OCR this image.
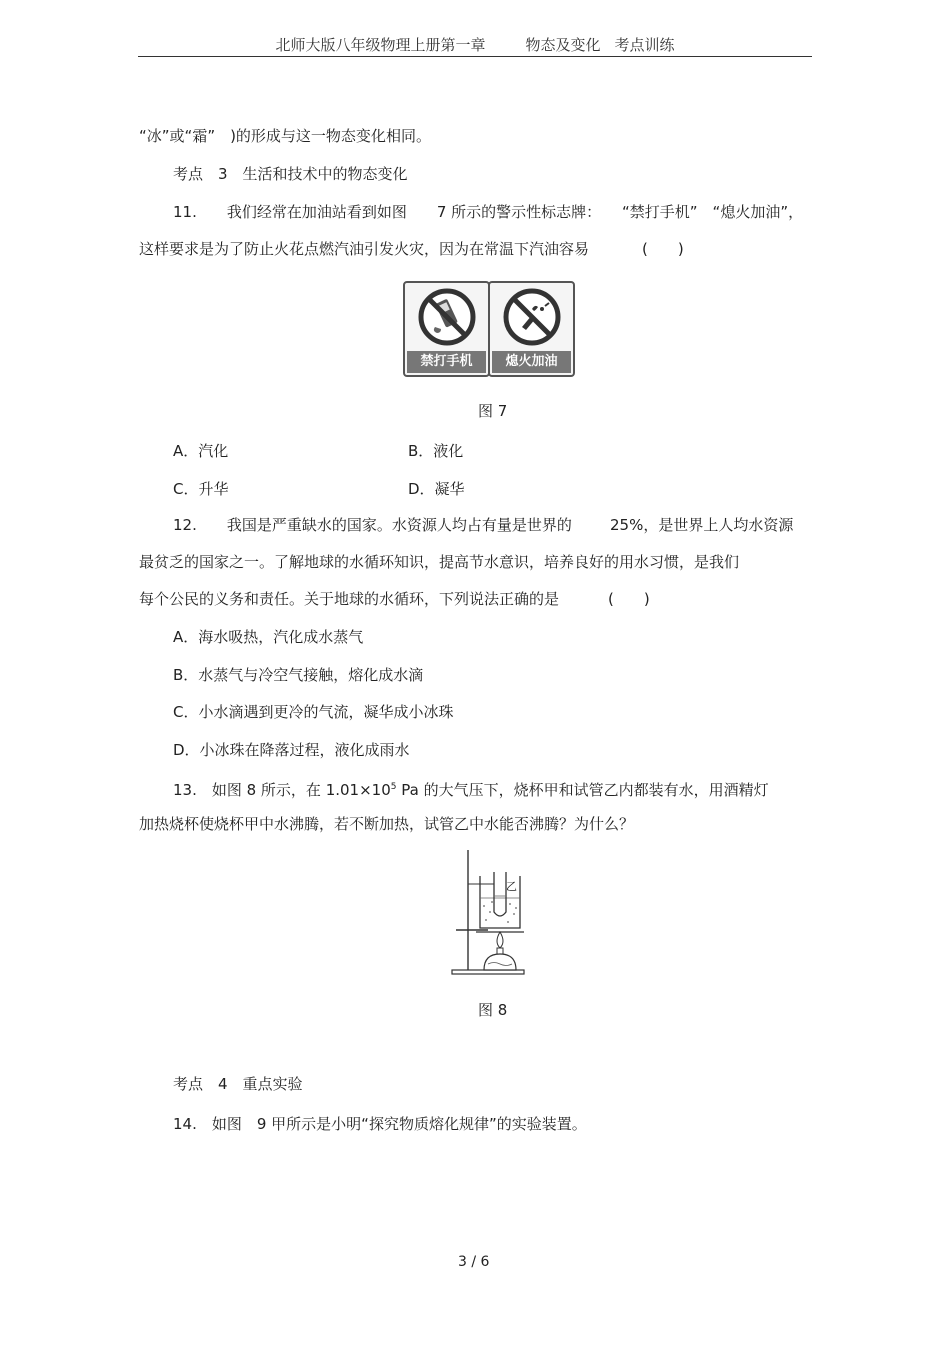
北师大版八年级物理上册第一章	物态及变化 考点训练
“冰”或“霜”　)的形成与这一物态变化相同。
考点　3　生活和技术中的物态变化
11.　　我们经常在加油站看到如图　　7 所示的警示性标志牌： “禁打手机”　“熄火加油”，
这样要求是为了防止火花点燃汽油引发火灾，因为在常温下汽油容易	(　　)
禁打手机	熄火加油
图 7
A．汽化	B．液化
C．升华	D．凝华
12.　　我国是严重缺水的国家。水资源人均占有量是世界的	25%，是世界上人均水资源
最贫乏的国家之一。了解地球的水循环知识，提高节水意识，培养良好的用水习惯，是我们
每个公民的义务和责任。关于地球的水循环，下列说法正确的是	(　　)
A．海水吸热，汽化成水蒸气
B．水蒸气与冷空气接触，熔化成水滴
C．小水滴遇到更冷的气流，凝华成小冰珠
D．小冰珠在降落过程，液化成雨水
13.　如图 8 所示，在 $1.01\times 10^5$ Pa 的大气压下，烧杯甲和试管乙内都装有水，用酒精灯
加热烧杯使烧杯甲中水沸腾，若不断加热，试管乙中水能否沸腾？为什么？
乙
图 8
考点　4　重点实验
14.　如图　9 甲所示是小明“探究物质熔化规律”的实验装置。
3 / 6
